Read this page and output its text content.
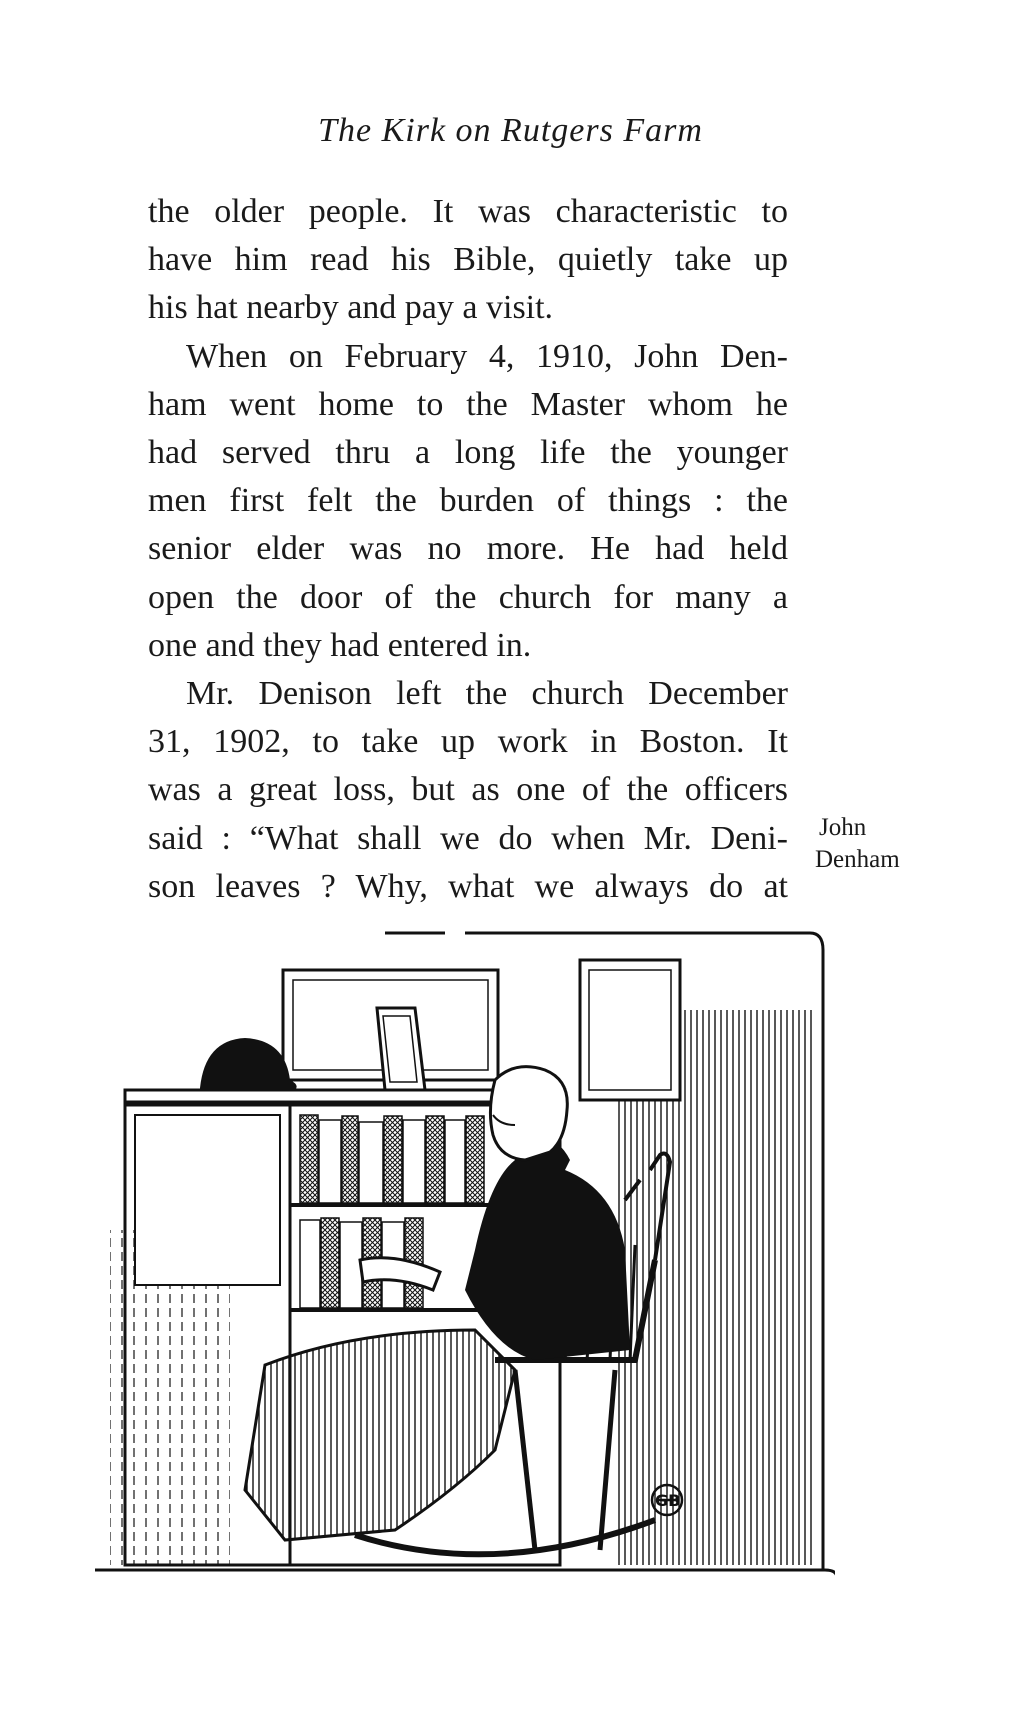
The Kirk on Rutgers Farm

the older people. It was characteristic to
have him read his Bible, quietly take up
his hat nearby and pay a visit.

When on February 4, 1910, John Den-
ham went home to the Master whom he
had served thru a long life the younger
men first felt the burden of things : the
senior elder was no more. He had held
open the door of the church for many a
one and they had entered in.

Mr. Denison left the church December
31, 1902, to take up work in Boston. It
was a great loss, but as one of the officers
said : “What shall we do when Mr. Deni-
son leaves ? Why, what we always do at

John
Denham
GB
